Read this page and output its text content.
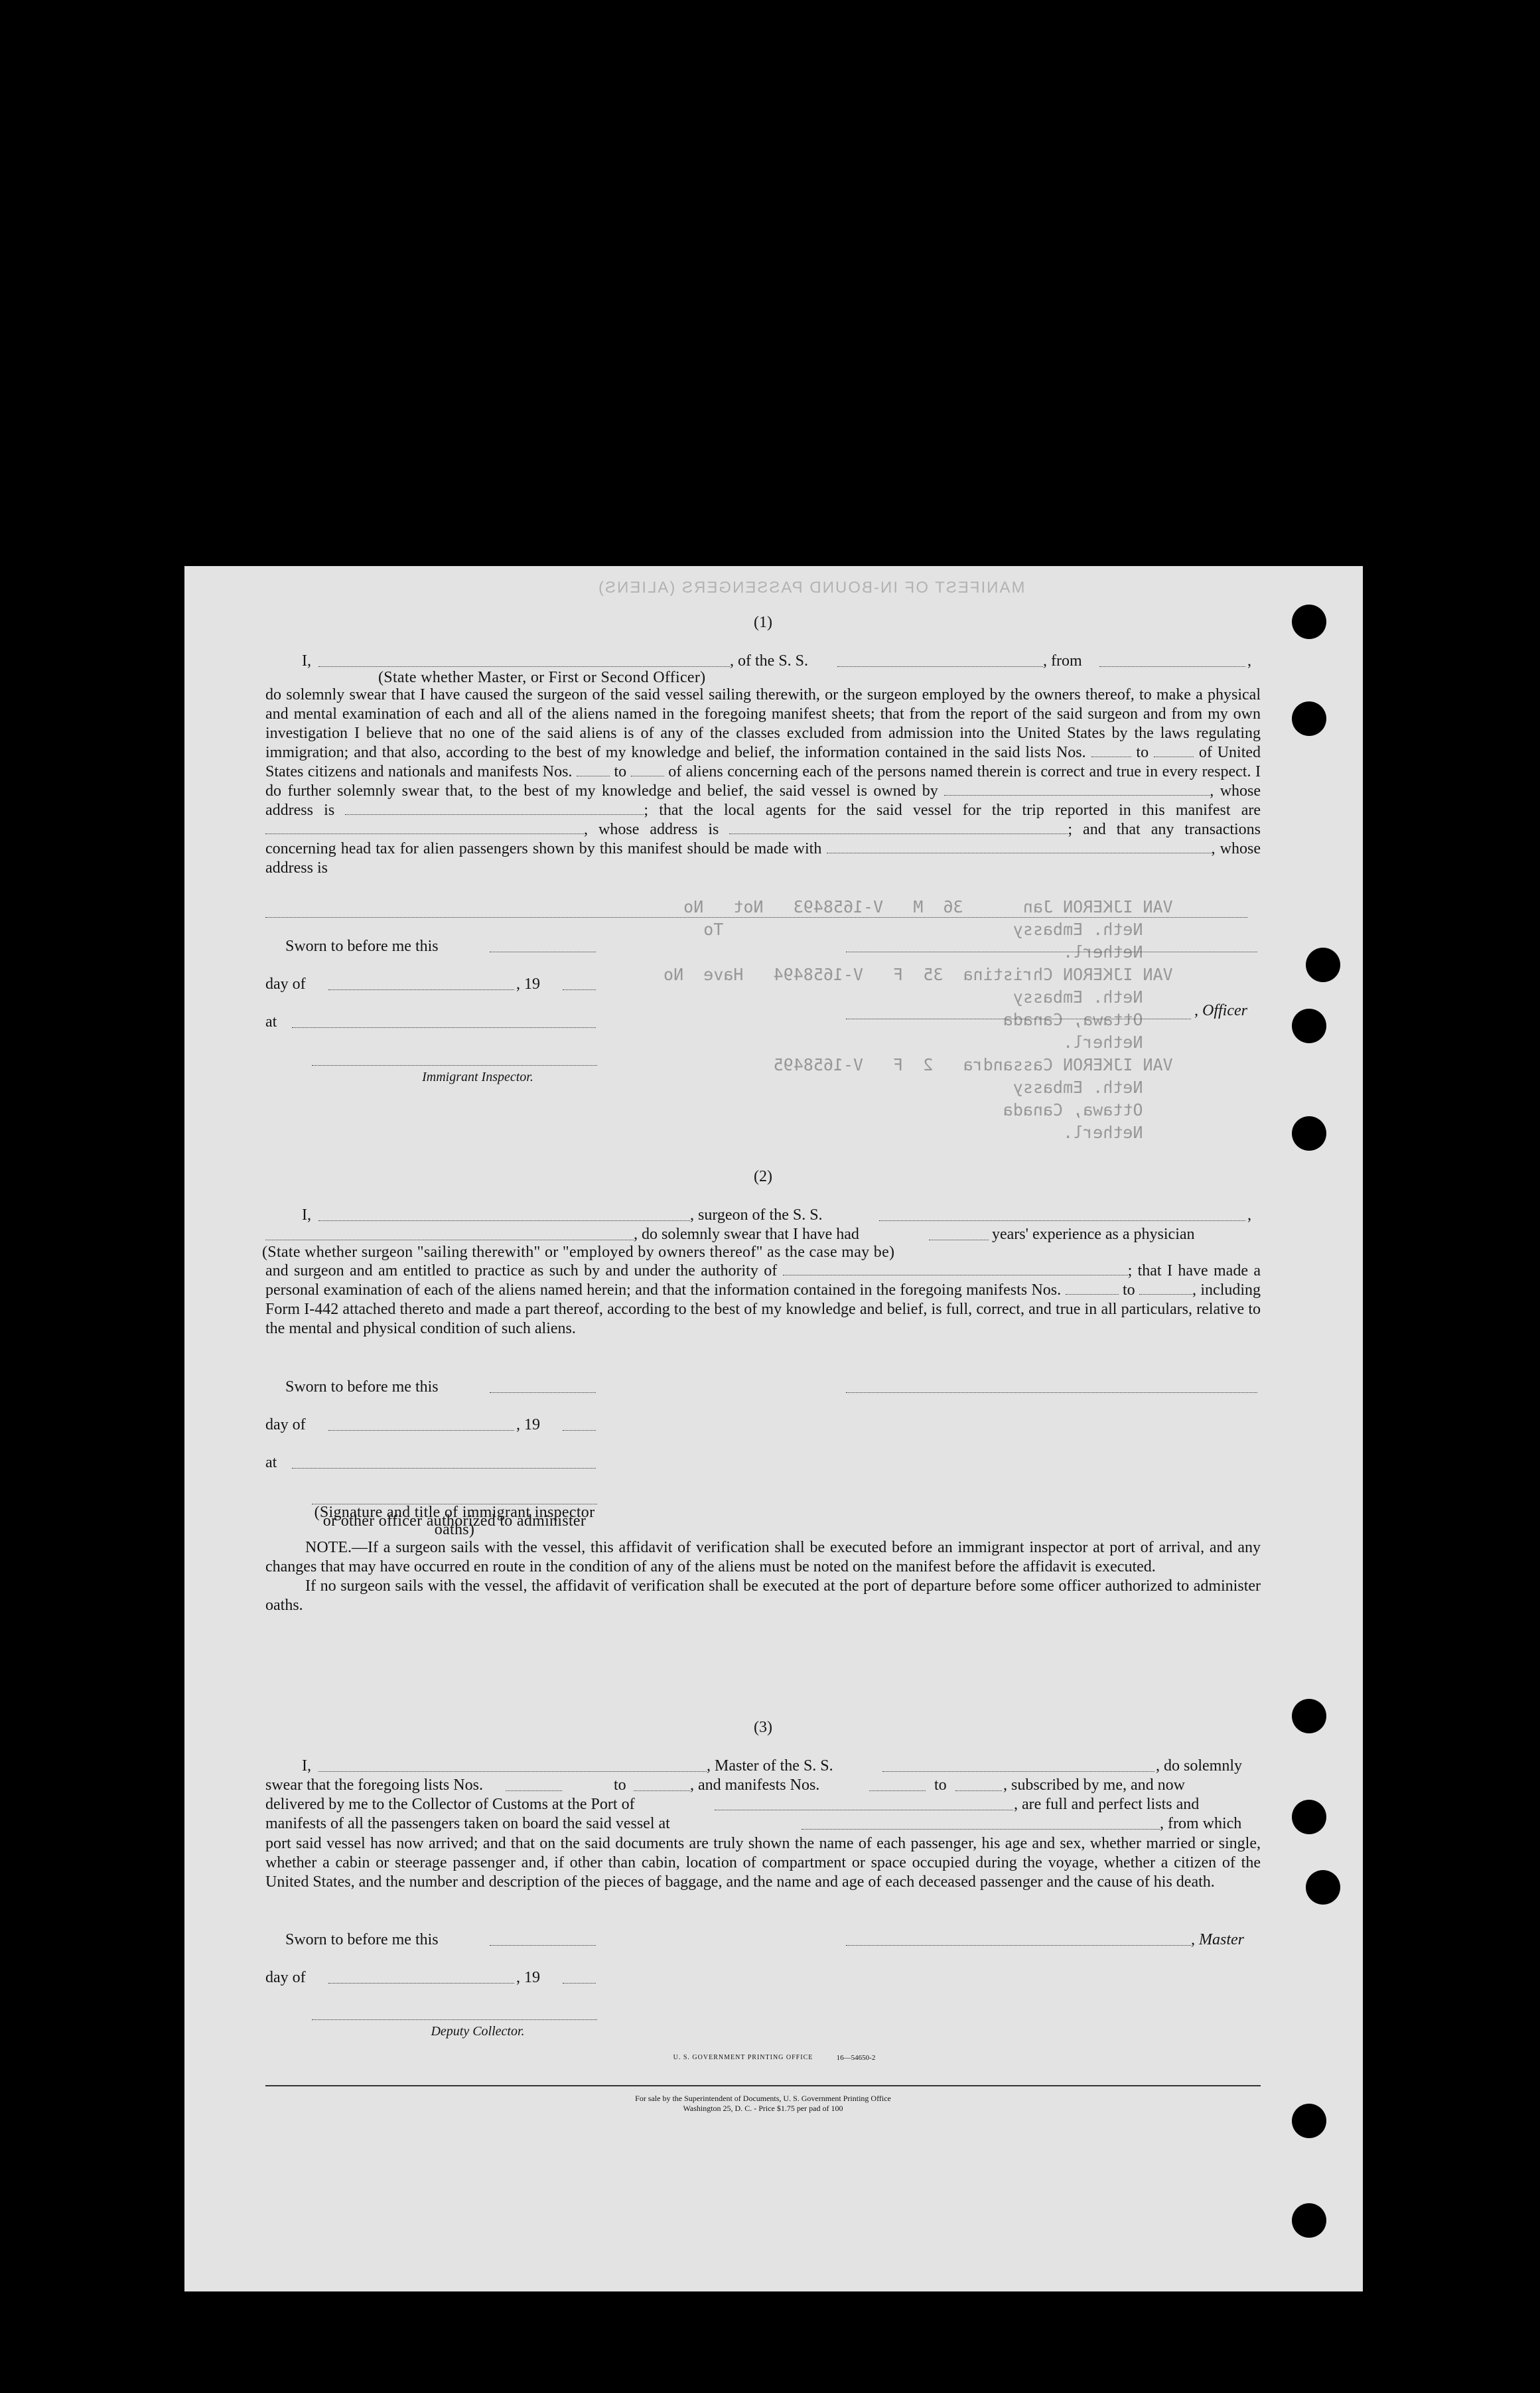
MANIFEST OF IN-BOUND PASSENGERS (ALIENS)
VAN IJKERON Jan      36  M   V-1658493   Not   No
Neth. Embassy                             To
Netherl.
VAN IJKERON Christina  35  F   V-1658494   Have  No
Neth. Embassy
Ottawa, Canada
Netherl.
VAN IJKERON Cassandra   2  F   V-1658495
Neth. Embassy
Ottawa, Canada
Netherl.
(1)
I,
(State whether Master, or First or Second Officer)
, of the S. S.	, from	,

do solemnly swear that I have caused the surgeon of the said vessel sailing therewith, or the surgeon employed by the owners thereof, to make a physical and mental examination of each and all of the aliens named in the foregoing manifest sheets; that from the report of the said surgeon and from my own investigation I believe that no one of the said aliens is of any of the classes excluded from admission into the United States by the laws regulating immigration; and that also, according to the best of my knowledge and belief, the information contained in the said lists Nos.	to	of United States citizens and nationals and manifests Nos.	to	of aliens concerning each of the persons named therein is correct and true in every respect. I do further solemnly swear that, to the best of my knowledge and belief, the said vessel is owned by	, whose address is	; that the local agents for the said vessel for the trip reported in this manifest are , whose address is	; and that any transactions concerning head tax for alien passengers shown by this manifest should be made with	, whose address is

Sworn to before me this
day of	, 19
, Officer
at
Immigrant Inspector.
(2)
I,	, surgeon of the S. S.	,
, do solemnly swear that I have had	years' experience as a physician
(State whether surgeon "sailing therewith" or "employed by owners thereof" as the case may be)

and surgeon and am entitled to practice as such by and under the authority of	; that I have made a personal examination of each of the aliens named herein; and that the information contained in the foregoing manifests Nos.	to	, including Form I-442 attached thereto and made a part thereof, according to the best of my knowledge and belief, is full, correct, and true in all particulars, relative to the mental and physical condition of such aliens.

Sworn to before me this
day of	, 19
at
(Signature and title of immigrant inspector or other officer authorized to administer oaths)

NOTE.—If a surgeon sails with the vessel, this affidavit of verification shall be executed before an immigrant inspector at port of arrival, and any changes that may have occurred en route in the condition of any of the aliens must be noted on the manifest before the affidavit is executed.

If no surgeon sails with the vessel, the affidavit of verification shall be executed at the port of departure before some officer authorized to administer oaths.

(3)
I,	, Master of the S. S.	, do solemnly
swear that the foregoing lists Nos.	to	, and manifests Nos.	to	, subscribed by me, and now
delivered by me to the Collector of Customs at the Port of	, are full and perfect lists and
manifests of all the passengers taken on board the said vessel at	, from which

port said vessel has now arrived; and that on the said documents are truly shown the name of each passenger, his age and sex, whether married or single, whether a cabin or steerage passenger and, if other than cabin, location of compartment or space occupied during the voyage, whether a citizen of the United States, and the number and description of the pieces of baggage, and the name and age of each deceased passenger and the cause of his death.

Sworn to before me this	, Master
day of	, 19
Deputy Collector.
U. S. GOVERNMENT PRINTING OFFICE	16—54650-2
For sale by the Superintendent of Documents, U. S. Government Printing Office
Washington 25, D. C. - Price $1.75 per pad of 100
